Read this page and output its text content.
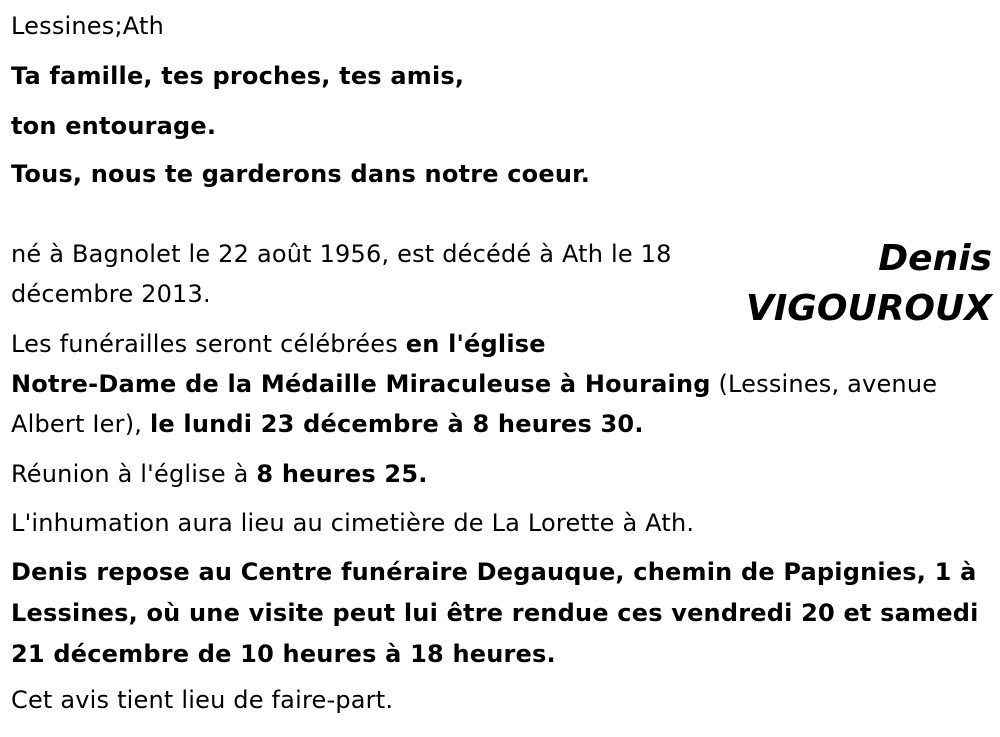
Lessines;Ath

Ta famille, tes proches, tes amis,

ton entourage.

Tous, nous te garderons dans notre coeur.

Denis
VIGOUROUX

né à Bagnolet le 22 août 1956, est décédé à Ath le 18 décembre 2013.

Les funérailles seront célébrées en l'église
Notre-Dame de la Médaille Miraculeuse à Houraing (Lessines, avenue Albert Ier), le lundi 23 décembre à 8 heures 30.

Réunion à l'église à 8 heures 25.

L'inhumation aura lieu au cimetière de La Lorette à Ath.

Denis repose au Centre funéraire Degauque, chemin de Papignies, 1 à Lessines, où une visite peut lui être rendue ces vendredi 20 et samedi 21 décembre de 10 heures à 18 heures.

Cet avis tient lieu de faire-part.
